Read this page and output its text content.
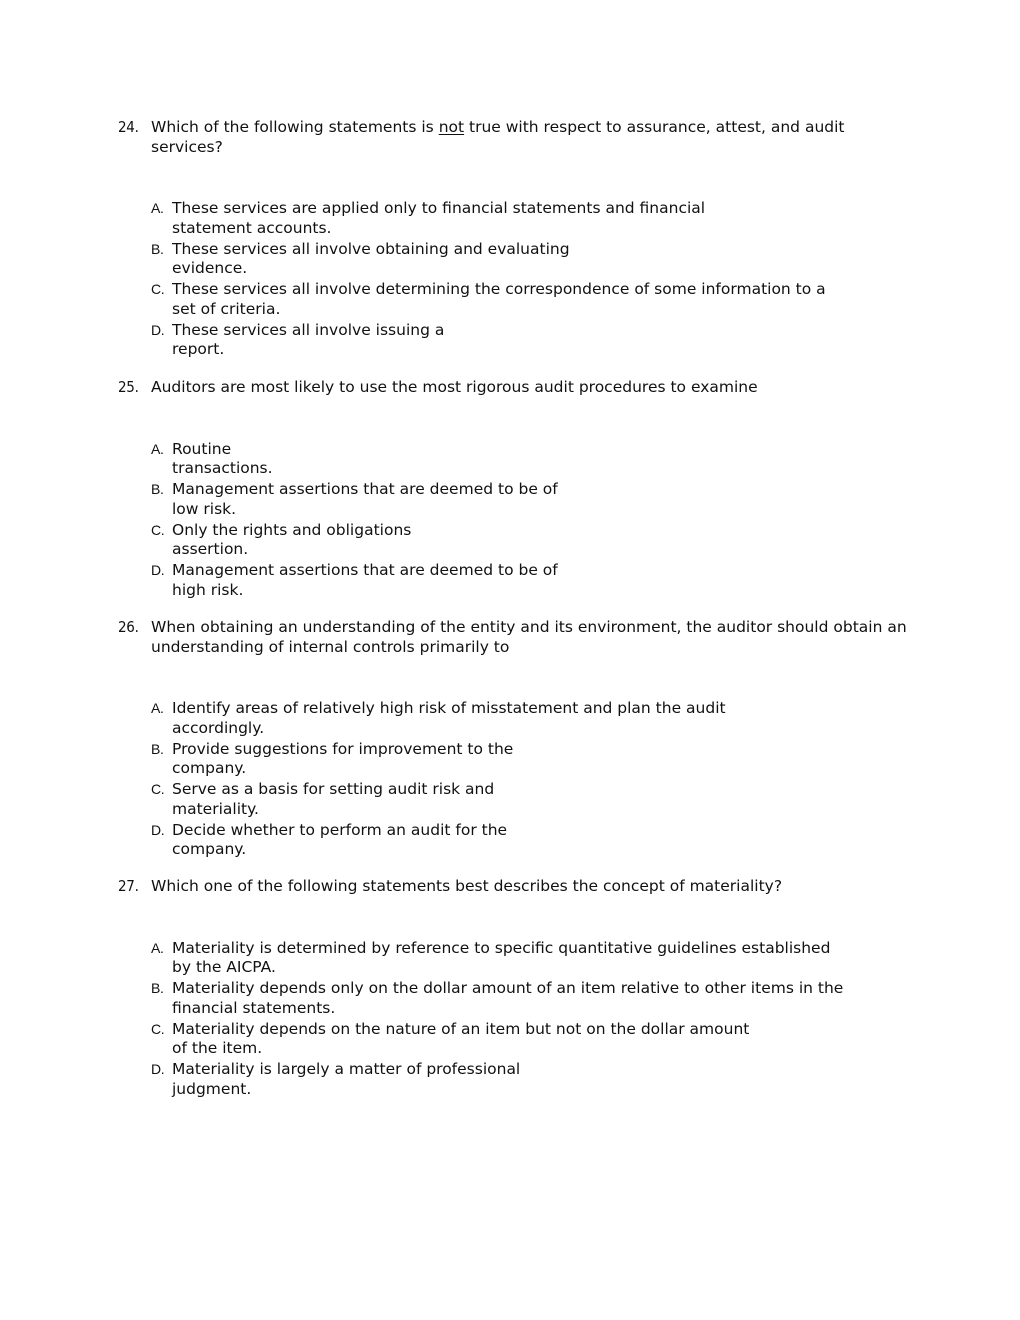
24. Which of the following statements is not true with respect to assurance, attest, and audit services?
A. These services are applied only to financial statements and financial
statement accounts.
B. These services all involve obtaining and evaluating
evidence.
C. These services all involve determining the correspondence of some information to a
set of criteria.
D. These services all involve issuing a
report.
25. Auditors are most likely to use the most rigorous audit procedures to examine
A. Routine
transactions.
B. Management assertions that are deemed to be of
low risk.
C. Only the rights and obligations
assertion.
D. Management assertions that are deemed to be of
high risk.
26. When obtaining an understanding of the entity and its environment, the auditor should obtain an understanding of internal controls primarily to
A. Identify areas of relatively high risk of misstatement and plan the audit
accordingly.
B. Provide suggestions for improvement to the
company.
C. Serve as a basis for setting audit risk and
materiality.
D. Decide whether to perform an audit for the
company.
27. Which one of the following statements best describes the concept of materiality?
A. Materiality is determined by reference to specific quantitative guidelines established
by the AICPA.
B. Materiality depends only on the dollar amount of an item relative to other items in the
financial statements.
C. Materiality depends on the nature of an item but not on the dollar amount
of the item.
D. Materiality is largely a matter of professional
judgment.
